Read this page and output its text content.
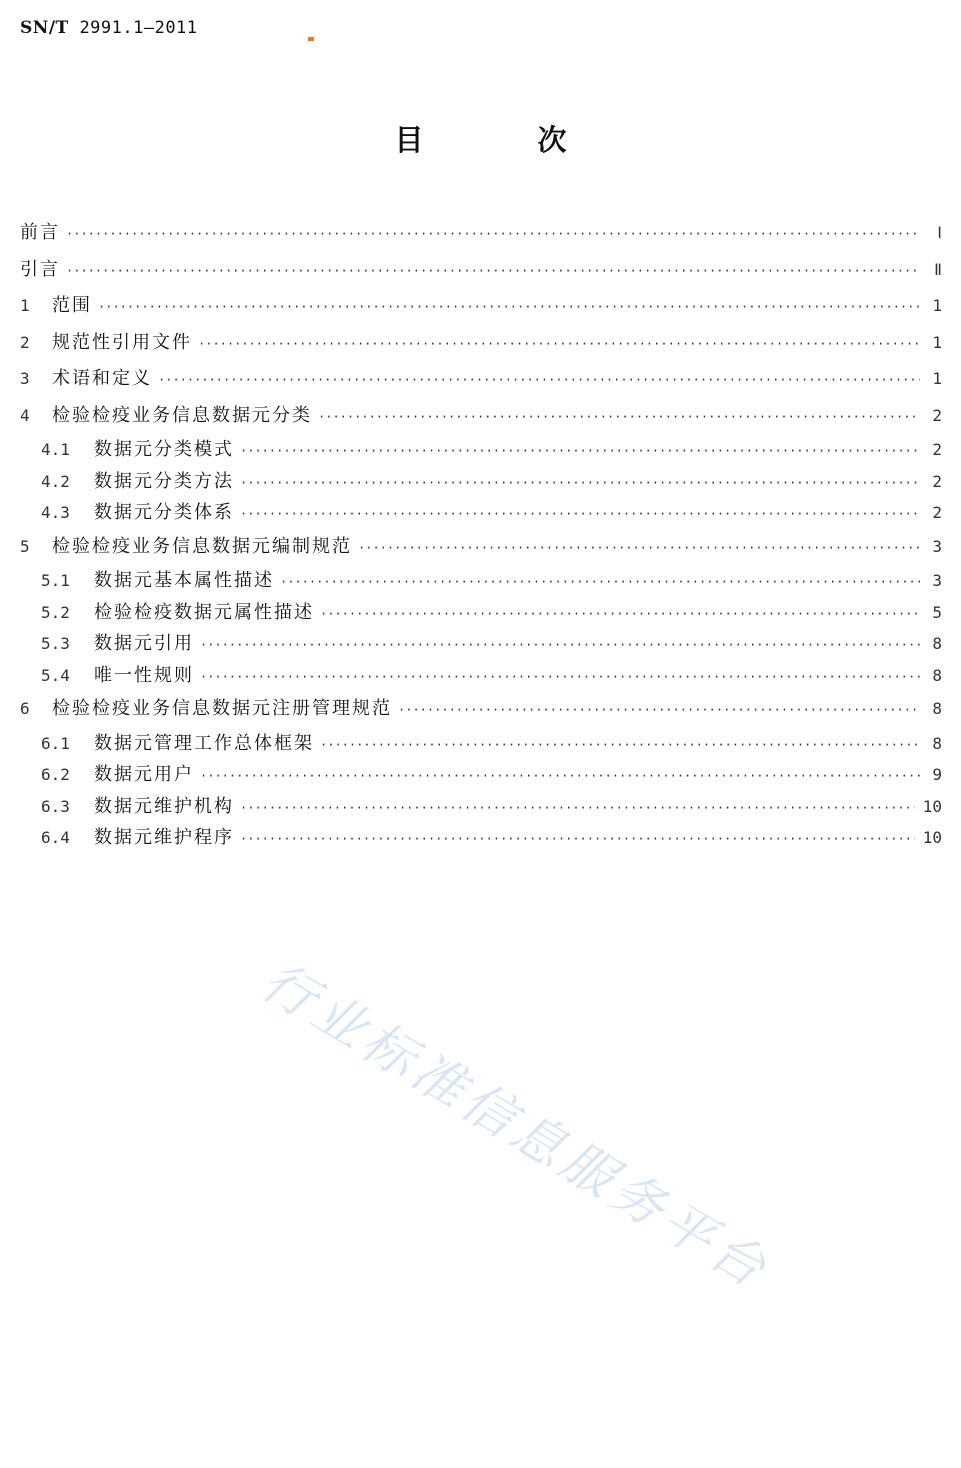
SN/T 2991.1—2011
目 次
前言 ·····	Ⅰ
引言 ·····	Ⅱ
1	范围 ·····	1
2	规范性引用文件 ·····	1
3	术语和定义 ·····	1
4	检验检疫业务信息数据元分类 ·····	2
4.1	数据元分类模式 ·····	2
4.2	数据元分类方法 ·····	2
4.3	数据元分类体系 ·····	2
5	检验检疫业务信息数据元编制规范 ·····	3
5.1	数据元基本属性描述 ·····	3
5.2	检验检疫数据元属性描述 ·····	5
5.3	数据元引用 ·····	8
5.4	唯一性规则 ·····	8
6	检验检疫业务信息数据元注册管理规范 ·····	8
6.1	数据元管理工作总体框架 ·····	8
6.2	数据元用户 ·····	9
6.3	数据元维护机构 ·····	10
6.4	数据元维护程序 ·····	10
行业标准信息服务平台
